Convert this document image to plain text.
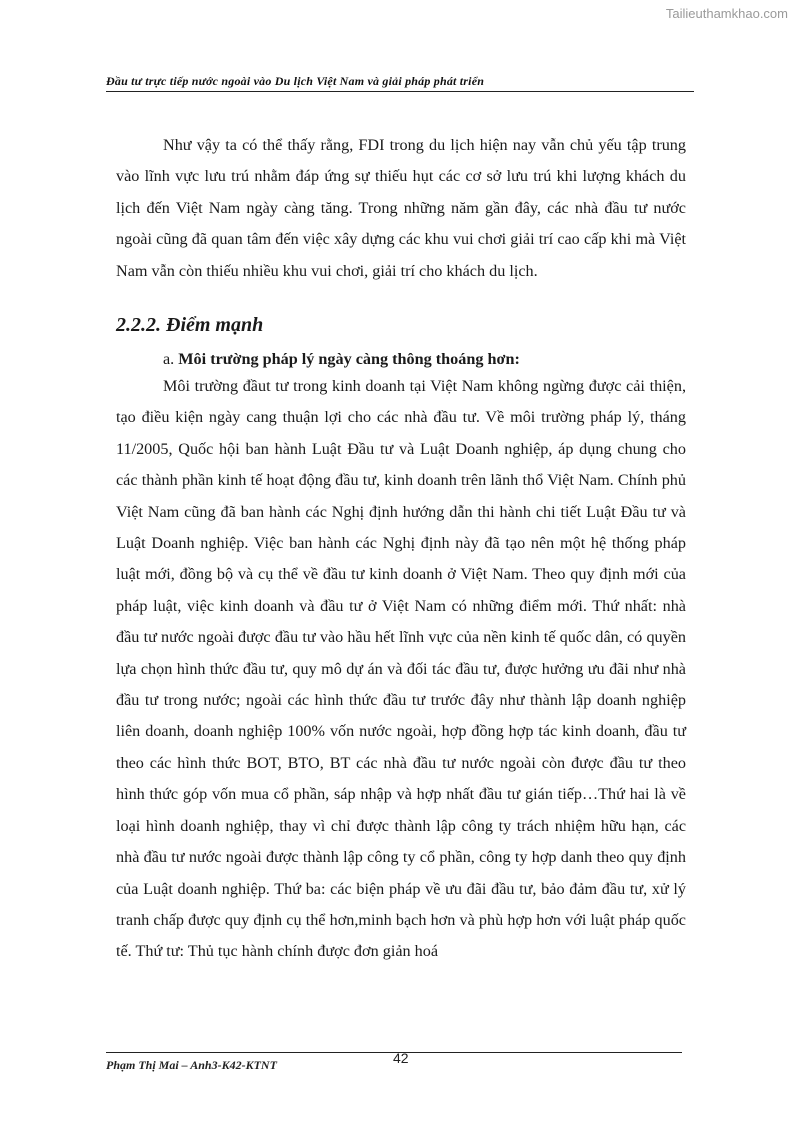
Tailieuthamkhao.com
Đầu tư trực tiếp nước ngoài vào Du lịch Việt Nam và giải pháp phát triển

Như vậy ta có thể thấy rằng, FDI trong du lịch hiện nay vẫn chủ yếu tập trung vào lĩnh vực lưu trú nhằm đáp ứng sự thiếu hụt các cơ sở lưu trú khi lượng khách du lịch đến Việt Nam ngày càng tăng. Trong những năm gần đây, các nhà đầu tư nước ngoài cũng đã quan tâm đến việc xây dựng các khu vui chơi giải trí cao cấp khi mà Việt Nam vẫn còn thiếu nhiều khu vui chơi, giải trí cho khách du lịch.

2.2.2. Điểm mạnh
a. Môi trường pháp lý ngày càng thông thoáng hơn:

Môi trường đầut tư trong kinh doanh tại Việt Nam không ngừng được cải thiện, tạo điều kiện ngày cang thuận lợi cho các nhà đầu tư. Về môi trường pháp lý, tháng 11/2005, Quốc hội ban hành Luật Đầu tư và Luật Doanh nghiệp, áp dụng chung cho các thành phần kinh tế hoạt động đầu tư, kinh doanh trên lãnh thổ Việt Nam. Chính phủ Việt Nam cũng đã ban hành các Nghị định hướng dẫn thi hành chi tiết Luật Đầu tư và Luật Doanh nghiệp. Việc ban hành các Nghị định này đã tạo nên một hệ thống pháp luật mới, đồng bộ và cụ thể về đầu tư kinh doanh ở Việt Nam. Theo quy định mới của pháp luật, việc kinh doanh và đầu tư ở Việt Nam có những điểm mới. Thứ nhất: nhà đầu tư nước ngoài được đầu tư vào hầu hết lĩnh vực của nền kinh tế quốc dân, có quyền lựa chọn hình thức đầu tư, quy mô dự án và đối tác đầu tư, được hưởng ưu đãi như nhà đầu tư trong nước; ngoài các hình thức đầu tư trước đây như thành lập doanh nghiệp liên doanh, doanh nghiệp 100% vốn nước ngoài, hợp đồng hợp tác kinh doanh, đầu tư theo các hình thức BOT, BTO, BT các nhà đầu tư nước ngoài còn được đầu tư theo hình thức góp vốn mua cổ phần, sáp nhập và hợp nhất đầu tư gián tiếp…Thứ hai là về loại hình doanh nghiệp, thay vì chỉ được thành lập công ty trách nhiệm hữu hạn, các nhà đầu tư nước ngoài được thành lập công ty cổ phần, công ty hợp danh theo quy định của Luật doanh nghiệp. Thứ ba: các biện pháp về ưu đãi đầu tư, bảo đảm đầu tư, xử lý tranh chấp được quy định cụ thể hơn,minh bạch hơn và phù hợp hơn với luật pháp quốc tế. Thứ tư: Thủ tục hành chính được đơn giản hoá

Phạm Thị Mai – Anh3-K42-KTNT	42
